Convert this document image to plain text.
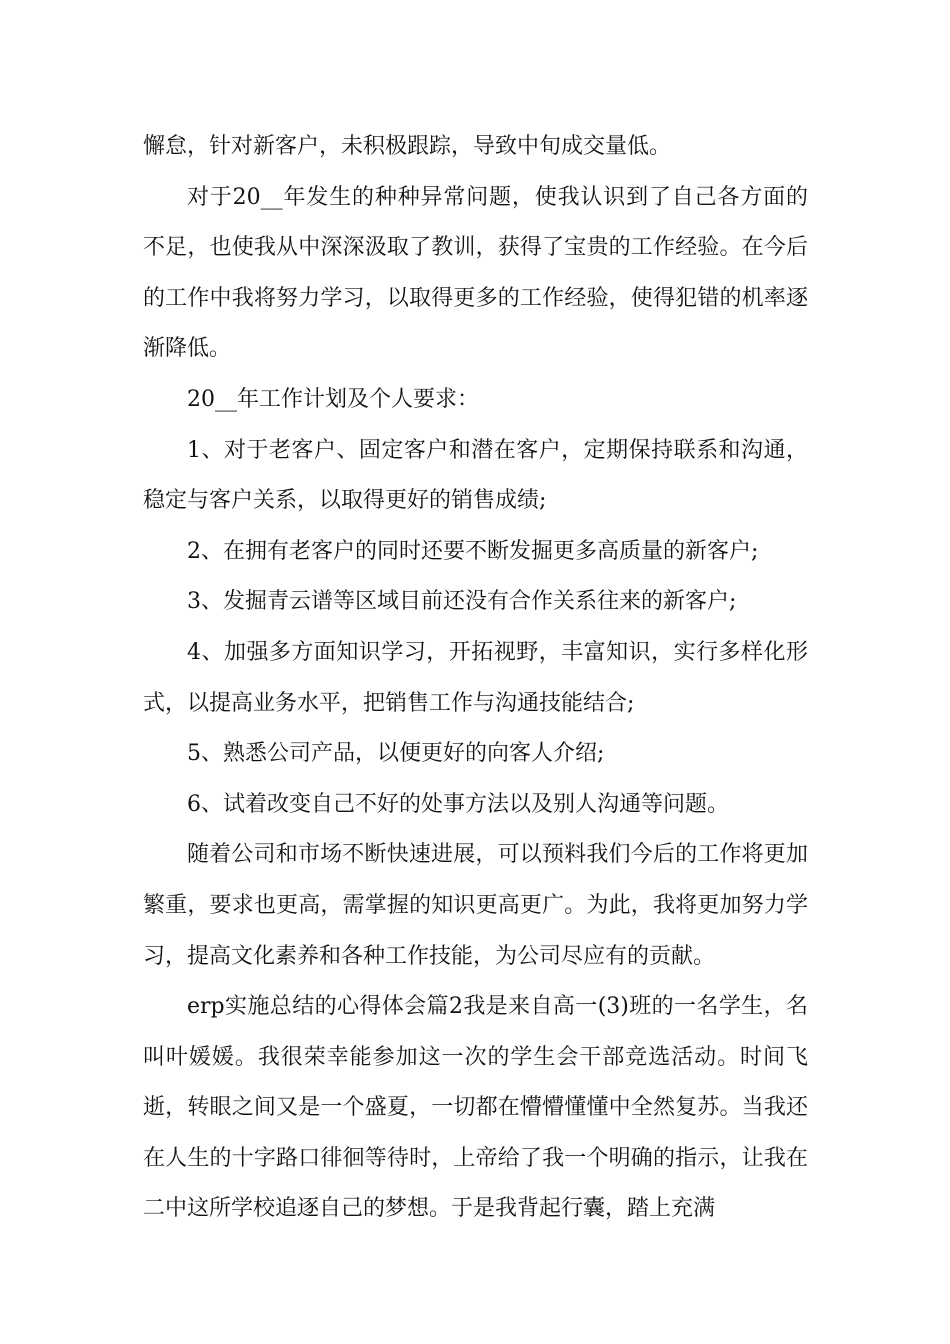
懈怠，针对新客户，未积极跟踪，导致中旬成交量低。

对于20__年发生的种种异常问题，使我认识到了自己各方面的不足，也使我从中深深汲取了教训，获得了宝贵的工作经验。在今后的工作中我将努力学习，以取得更多的工作经验，使得犯错的机率逐渐降低。

20__年工作计划及个人要求：

1、对于老客户、固定客户和潜在客户，定期保持联系和沟通，稳定与客户关系，以取得更好的销售成绩;

2、在拥有老客户的同时还要不断发掘更多高质量的新客户;

3、发掘青云谱等区域目前还没有合作关系往来的新客户;

4、加强多方面知识学习，开拓视野，丰富知识，实行多样化形式，以提高业务水平，把销售工作与沟通技能结合;

5、熟悉公司产品，以便更好的向客人介绍;

6、试着改变自己不好的处事方法以及别人沟通等问题。

随着公司和市场不断快速进展，可以预料我们今后的工作将更加繁重，要求也更高，需掌握的知识更高更广。为此，我将更加努力学习，提高文化素养和各种工作技能，为公司尽应有的贡献。

erp实施总结的心得体会篇2我是来自高一(3)班的一名学生，名叫叶媛媛。我很荣幸能参加这一次的学生会干部竞选活动。时间飞逝，转眼之间又是一个盛夏，一切都在懵懵懂懂中全然复苏。当我还在人生的十字路口徘徊等待时，上帝给了我一个明确的指示，让我在二中这所学校追逐自己的梦想。于是我背起行囊，踏上充满
